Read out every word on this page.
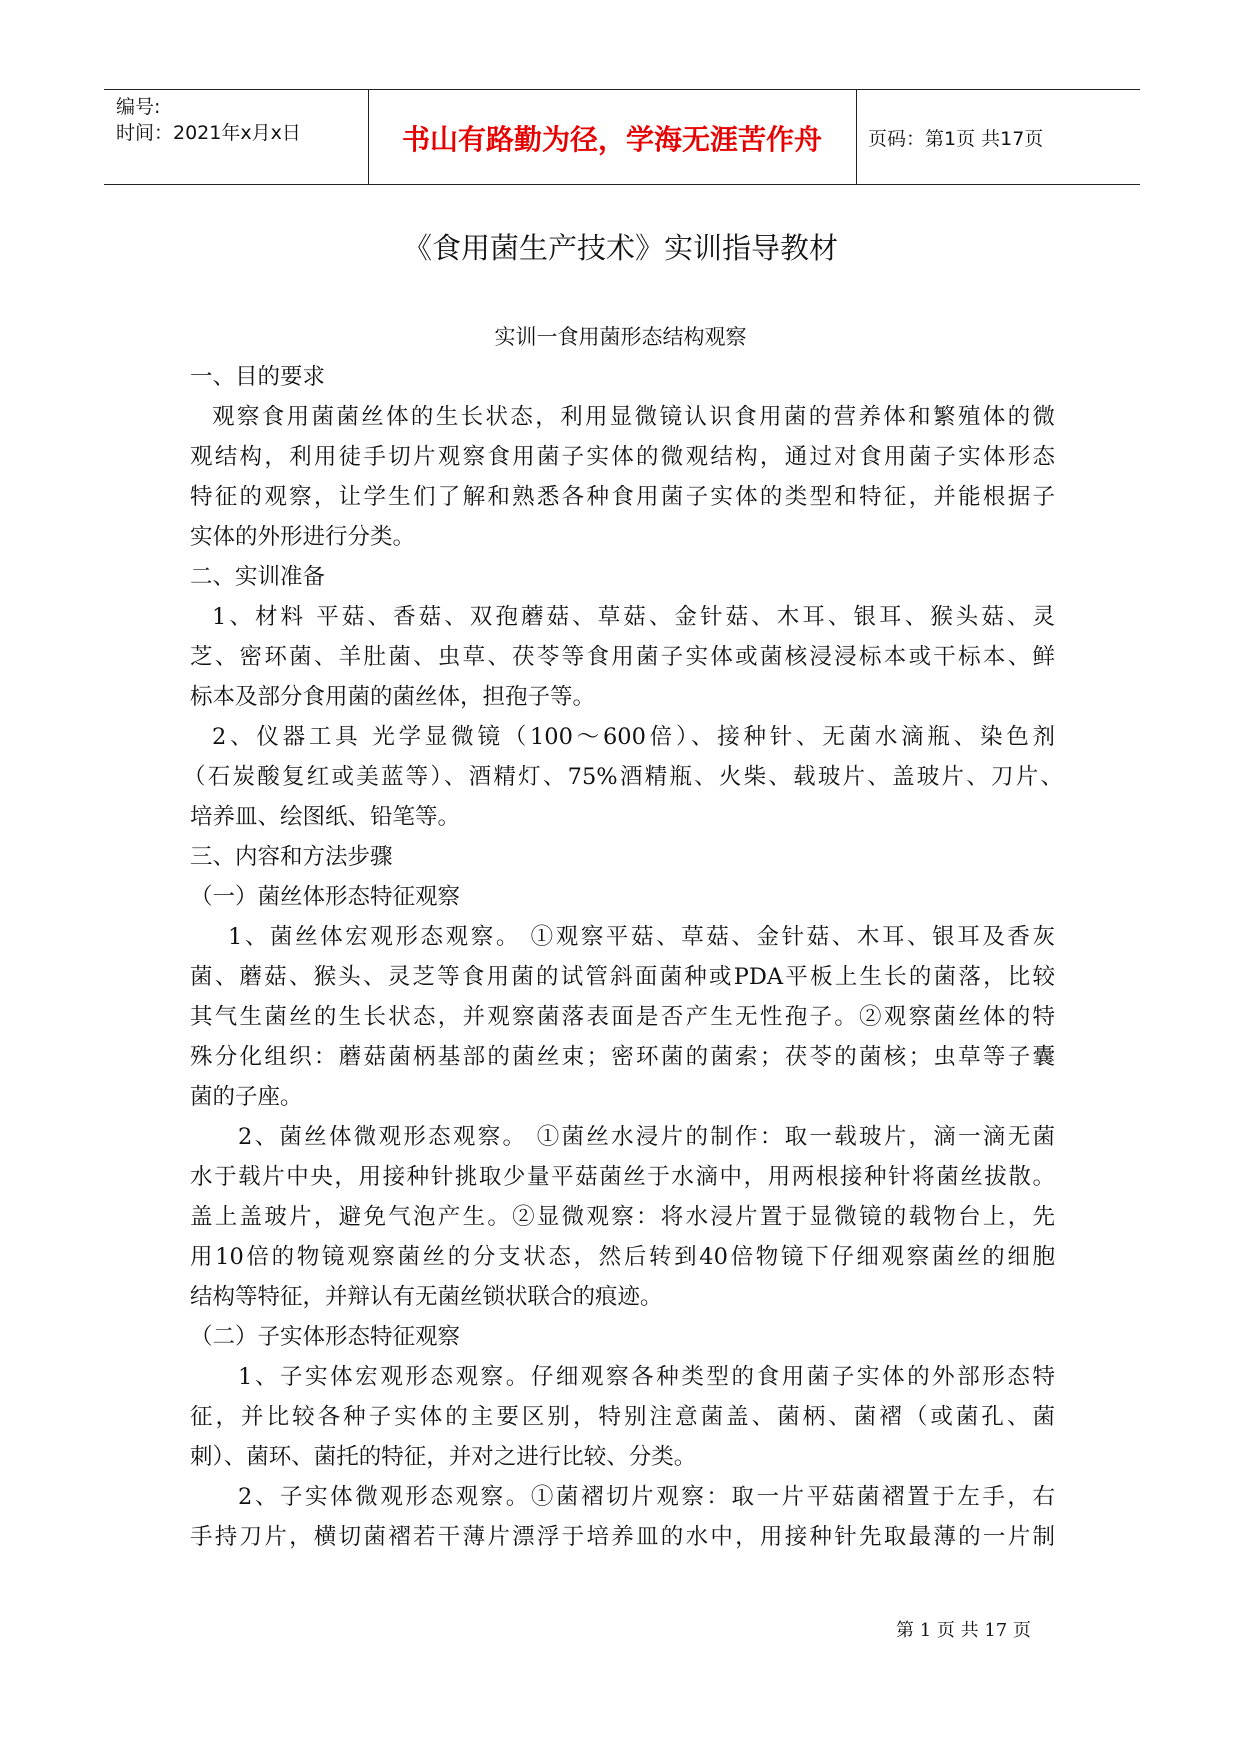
编号:
时间：2021年x月x日	书山有路勤为径，学海无涯苦作舟	页码：第1页 共17页
《食用菌生产技术》实训指导教材
实训一食用菌形态结构观察
一、目的要求
观察食用菌菌丝体的生长状态，利用显微镜认识食用菌的营养体和繁殖体的微
观结构，利用徒手切片观察食用菌子实体的微观结构，通过对食用菌子实体形态
特征的观察，让学生们了解和熟悉各种食用菌子实体的类型和特征，并能根据子
实体的外形进行分类。
二、实训准备
1、材料 平菇、香菇、双孢蘑菇、草菇、金针菇、木耳、银耳、猴头菇、灵
芝、密环菌、羊肚菌、虫草、茯苓等食用菌子实体或菌核浸浸标本或干标本、鲜
标本及部分食用菌的菌丝体，担孢子等。
2、仪器工具 光学显微镜（100～600倍）、接种针、无菌水滴瓶、染色剂
（石炭酸复红或美蓝等）、酒精灯、75%酒精瓶、火柴、载玻片、盖玻片、刀片、
培养皿、绘图纸、铅笔等。
三、内容和方法步骤
（一）菌丝体形态特征观察
1、菌丝体宏观形态观察。 ①观察平菇、草菇、金针菇、木耳、银耳及香灰
菌、蘑菇、猴头、灵芝等食用菌的试管斜面菌种或PDA平板上生长的菌落，比较
其气生菌丝的生长状态，并观察菌落表面是否产生无性孢子。②观察菌丝体的特
殊分化组织：蘑菇菌柄基部的菌丝束；密环菌的菌索；茯苓的菌核；虫草等子囊
菌的子座。
2、菌丝体微观形态观察。 ①菌丝水浸片的制作：取一载玻片，滴一滴无菌
水于载片中央，用接种针挑取少量平菇菌丝于水滴中，用两根接种针将菌丝拔散。
盖上盖玻片，避免气泡产生。②显微观察：将水浸片置于显微镜的载物台上，先
用10倍的物镜观察菌丝的分支状态，然后转到40倍物镜下仔细观察菌丝的细胞
结构等特征，并辩认有无菌丝锁状联合的痕迹。
（二）子实体形态特征观察
1、子实体宏观形态观察。仔细观察各种类型的食用菌子实体的外部形态特
征，并比较各种子实体的主要区别，特别注意菌盖、菌柄、菌褶（或菌孔、菌
刺）、菌环、菌托的特征，并对之进行比较、分类。
2、子实体微观形态观察。①菌褶切片观察：取一片平菇菌褶置于左手，右
手持刀片，横切菌褶若干薄片漂浮于培养皿的水中，用接种针先取最薄的一片制
第 1 页 共 17 页
